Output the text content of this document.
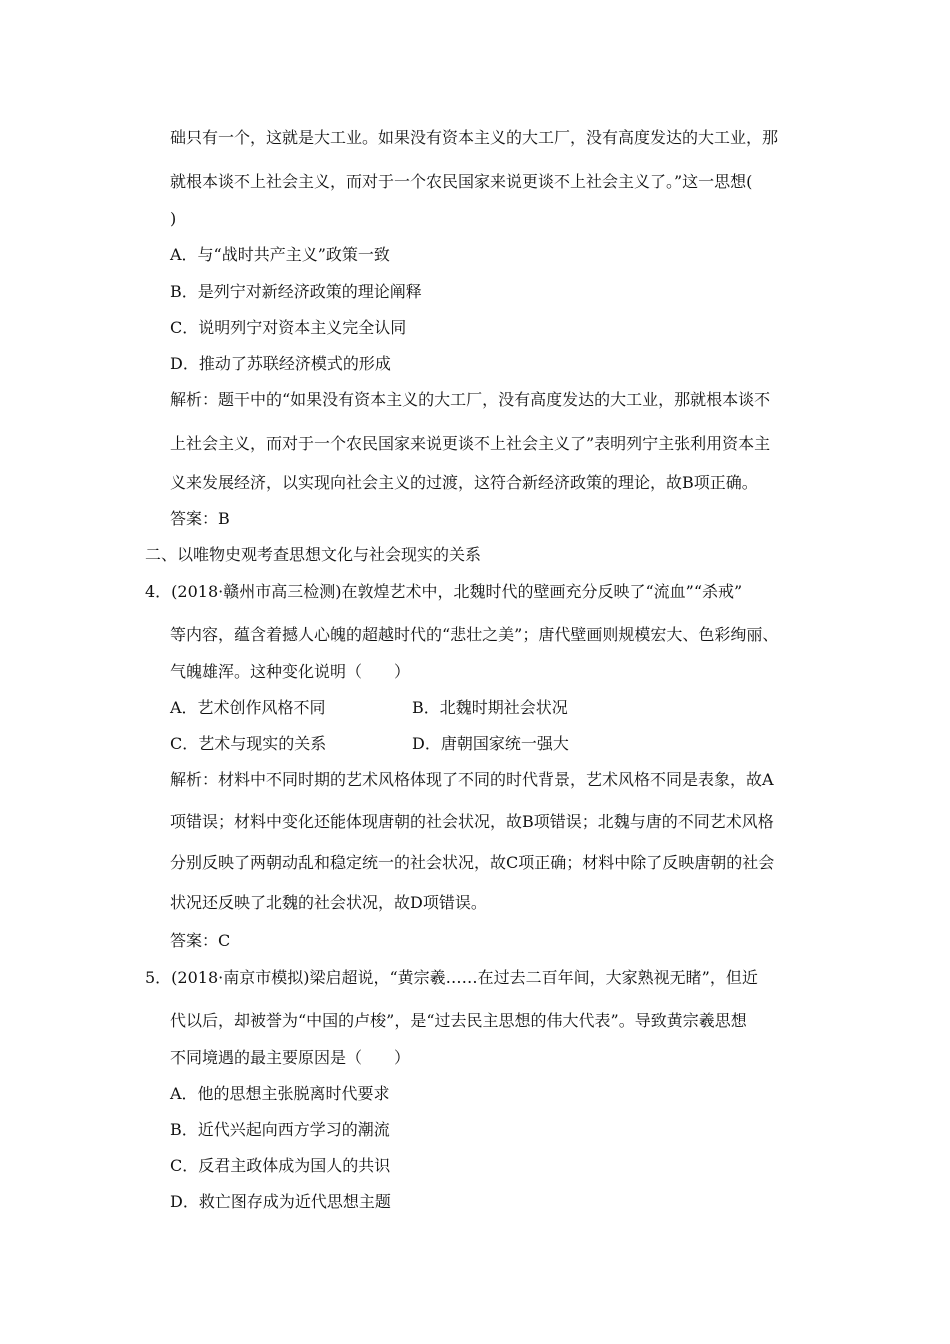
础只有一个，这就是大工业。如果没有资本主义的大工厂，没有高度发达的大工业，那
就根本谈不上社会主义，而对于一个农民国家来说更谈不上社会主义了。”这一思想(
)
A．与“战时共产主义”政策一致
B．是列宁对新经济政策的理论阐释
C．说明列宁对资本主义完全认同
D．推动了苏联经济模式的形成
解析：题干中的“如果没有资本主义的大工厂，没有高度发达的大工业，那就根本谈不
上社会主义，而对于一个农民国家来说更谈不上社会主义了”表明列宁主张利用资本主
义来发展经济，以实现向社会主义的过渡，这符合新经济政策的理论，故B项正确。
答案：B
二、以唯物史观考查思想文化与社会现实的关系
4．(2018·赣州市高三检测)在敦煌艺术中，北魏时代的壁画充分反映了“流血”“杀戒”
等内容，蕴含着撼人心魄的超越时代的“悲壮之美”；唐代壁画则规模宏大、色彩绚丽、
气魄雄浑。这种变化说明（　　）
A．艺术创作风格不同	B．北魏时期社会状况
C．艺术与现实的关系	D．唐朝国家统一强大
解析：材料中不同时期的艺术风格体现了不同的时代背景，艺术风格不同是表象，故A
项错误；材料中变化还能体现唐朝的社会状况，故B项错误；北魏与唐的不同艺术风格
分别反映了两朝动乱和稳定统一的社会状况，故C项正确；材料中除了反映唐朝的社会
状况还反映了北魏的社会状况，故D项错误。
答案：C
5．(2018·南京市模拟)梁启超说，“黄宗羲……在过去二百年间，大家熟视无睹”，但近
代以后，却被誉为“中国的卢梭”，是“过去民主思想的伟大代表”。导致黄宗羲思想
不同境遇的最主要原因是（　　）
A．他的思想主张脱离时代要求
B．近代兴起向西方学习的潮流
C．反君主政体成为国人的共识
D．救亡图存成为近代思想主题
